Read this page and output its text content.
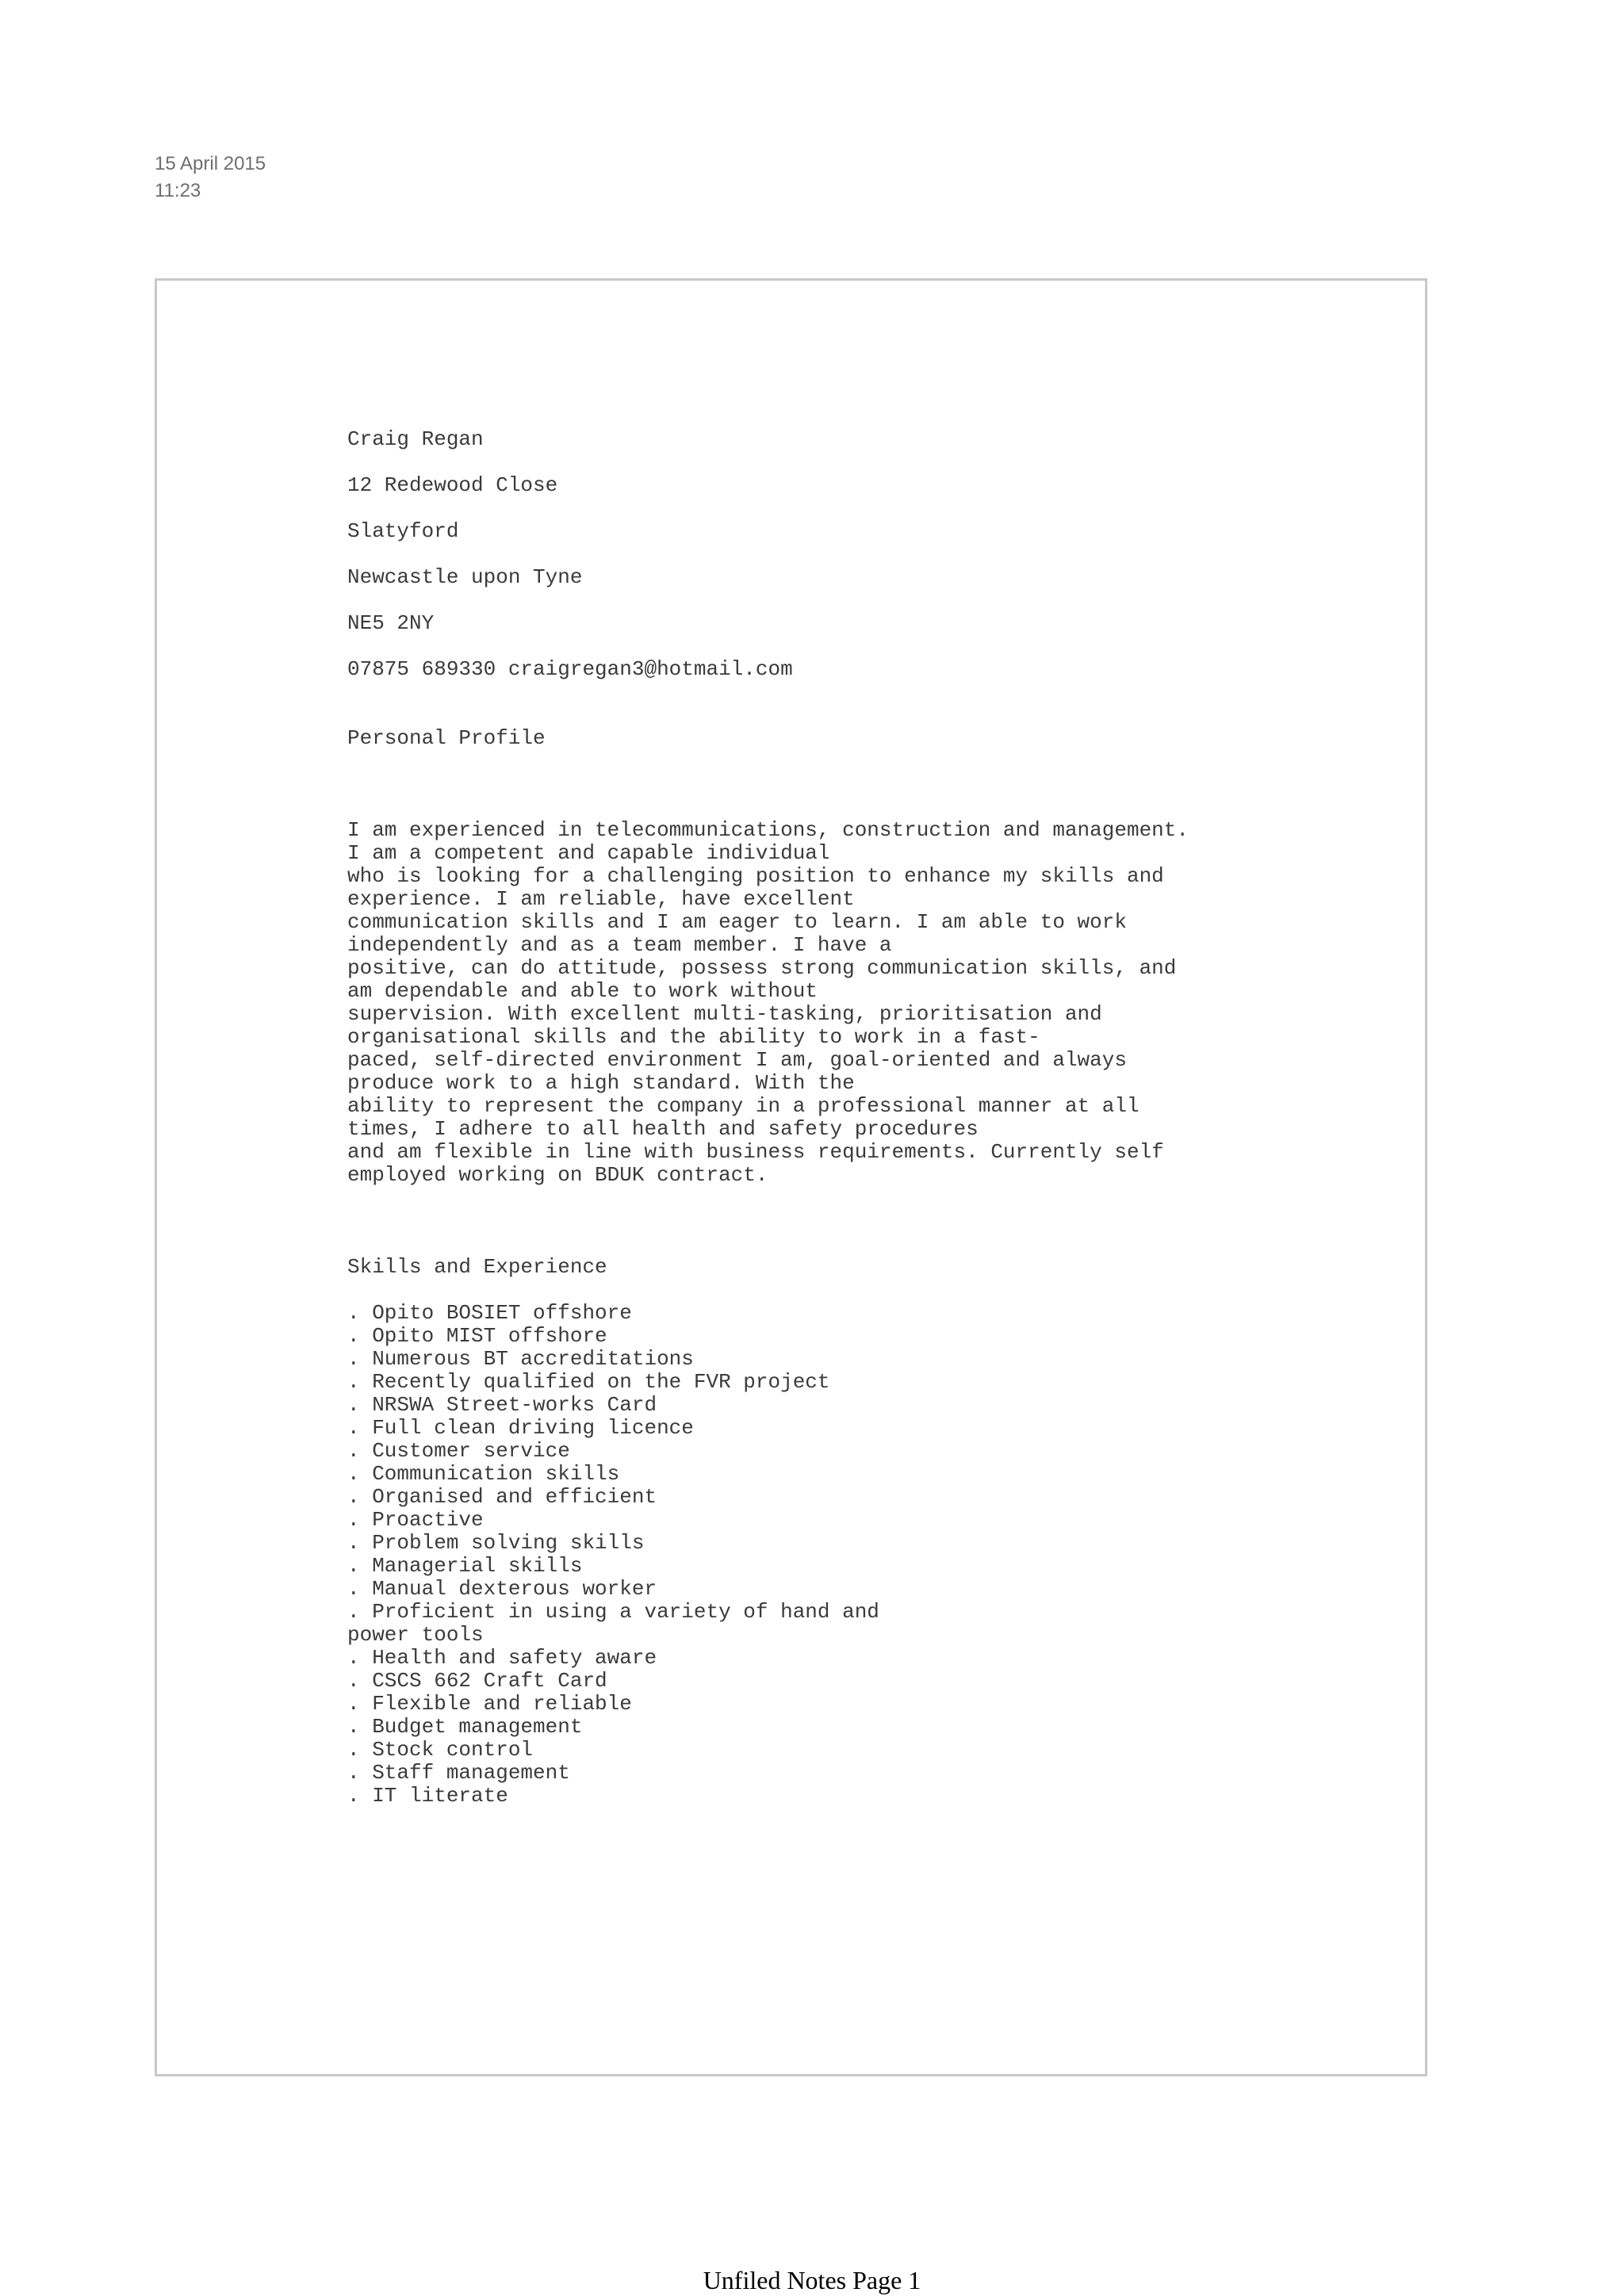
15 April 2015
11:23
Craig Regan
12 Redewood Close
Slatyford
Newcastle upon Tyne
NE5 2NY
07875 689330 craigregan3@hotmail.com
Personal Profile
I am experienced in telecommunications, construction and management.
I am a competent and capable individual
who is looking for a challenging position to enhance my skills and
experience. I am reliable, have excellent
communication skills and I am eager to learn. I am able to work
independently and as a team member. I have a
positive, can do attitude, possess strong communication skills, and
am dependable and able to work without
supervision. With excellent multi-tasking, prioritisation and
organisational skills and the ability to work in a fast-
paced, self-directed environment I am, goal-oriented and always
produce work to a high standard. With the
ability to represent the company in a professional manner at all
times, I adhere to all health and safety procedures
and am flexible in line with business requirements. Currently self
employed working on BDUK contract.
Skills and Experience
. Opito BOSIET offshore
. Opito MIST offshore
. Numerous BT accreditations
. Recently qualified on the FVR project
. NRSWA Street-works Card
. Full clean driving licence
. Customer service
. Communication skills
. Organised and efficient
. Proactive
. Problem solving skills
. Managerial skills
. Manual dexterous worker
. Proficient in using a variety of hand and
power tools
. Health and safety aware
. CSCS 662 Craft Card
. Flexible and reliable
. Budget management
. Stock control
. Staff management
. IT literate
Unfiled Notes Page 1
